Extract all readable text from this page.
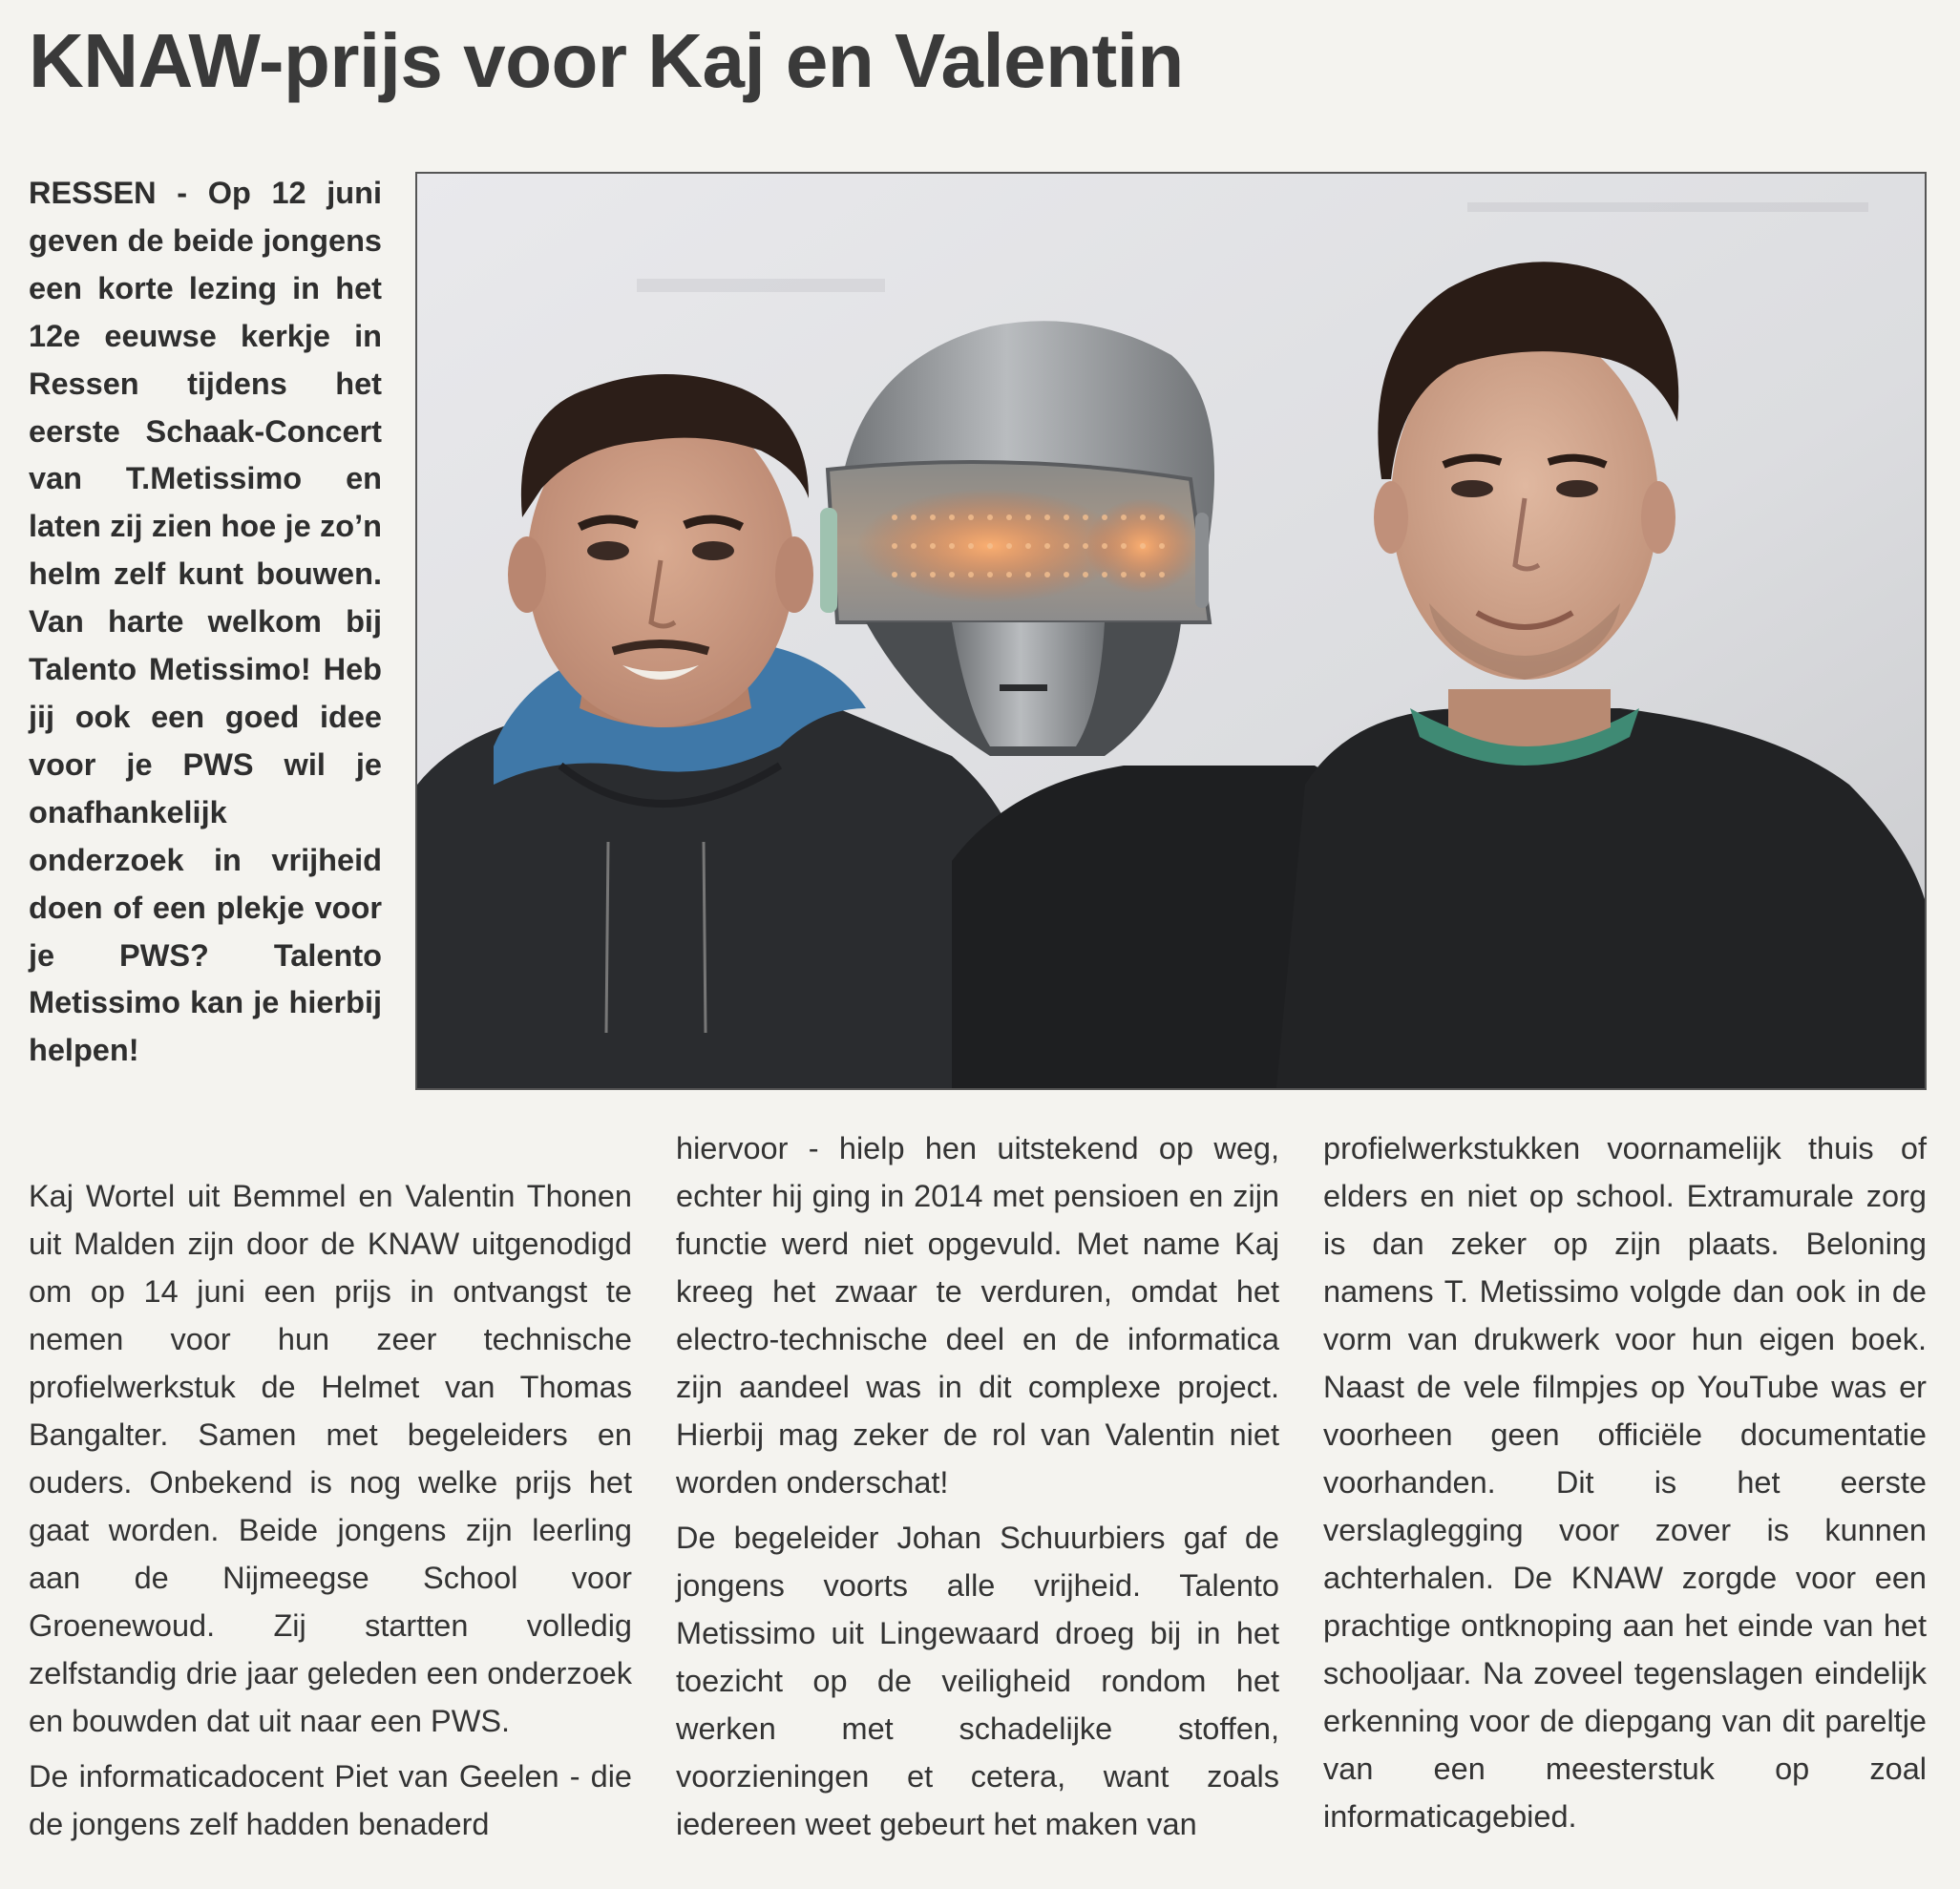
KNAW-prijs voor Kaj en Valentin

RESSEN - Op 12 juni geven de beide jongens een korte lezing in het 12e eeuwse kerkje in Ressen tijdens het eerste Schaak-Concert van T.Metissimo en laten zij zien hoe je zo’n helm zelf kunt bouwen. Van harte welkom bij Talento Metissimo! Heb jij ook een goed idee voor je PWS wil je onafhankelijk onderzoek in vrijheid doen of een plekje voor je PWS? Talento Metissimo kan je hierbij helpen!

Kaj Wortel uit Bemmel en Valentin Thonen uit Malden zijn door de KNAW uitgenodigd om op 14 juni een prijs in ontvangst te nemen voor hun zeer technische profielwerkstuk de Helmet van Thomas Bangalter. Samen met begeleiders en ouders. Onbekend is nog welke prijs het gaat worden. Beide jongens zijn leerling aan de Nijmeegse School voor Groenewoud. Zij startten volledig zelfstandig drie jaar geleden een onderzoek en bouwden dat uit naar een PWS.

De informaticadocent Piet van Geelen - die de jongens zelf hadden benaderd

hiervoor - hielp hen uitstekend op weg, echter hij ging in 2014 met pensioen en zijn functie werd niet opgevuld. Met name Kaj kreeg het zwaar te verduren, omdat het electro-technische deel en de informatica zijn aandeel was in dit complexe project. Hierbij mag zeker de rol van Valentin niet worden onderschat!

De begeleider Johan Schuurbiers gaf de jongens voorts alle vrijheid. Talento Metissimo uit Lingewaard droeg bij in het toezicht op de veiligheid rondom het werken met schadelijke stoffen, voorzieningen et cetera, want zoals iedereen weet gebeurt het maken van

profielwerkstukken voornamelijk thuis of elders en niet op school. Extramurale zorg is dan zeker op zijn plaats. Beloning namens T. Metissimo volgde dan ook in de vorm van drukwerk voor hun eigen boek. Naast de vele filmpjes op YouTube was er voorheen geen officiële documentatie voorhanden. Dit is het eerste verslaglegging voor zover is kunnen achterhalen. De KNAW zorgde voor een prachtige ontknoping aan het einde van het schooljaar. Na zoveel tegenslagen eindelijk erkenning voor de diepgang van dit pareltje van een meesterstuk op zoal informaticagebied.
